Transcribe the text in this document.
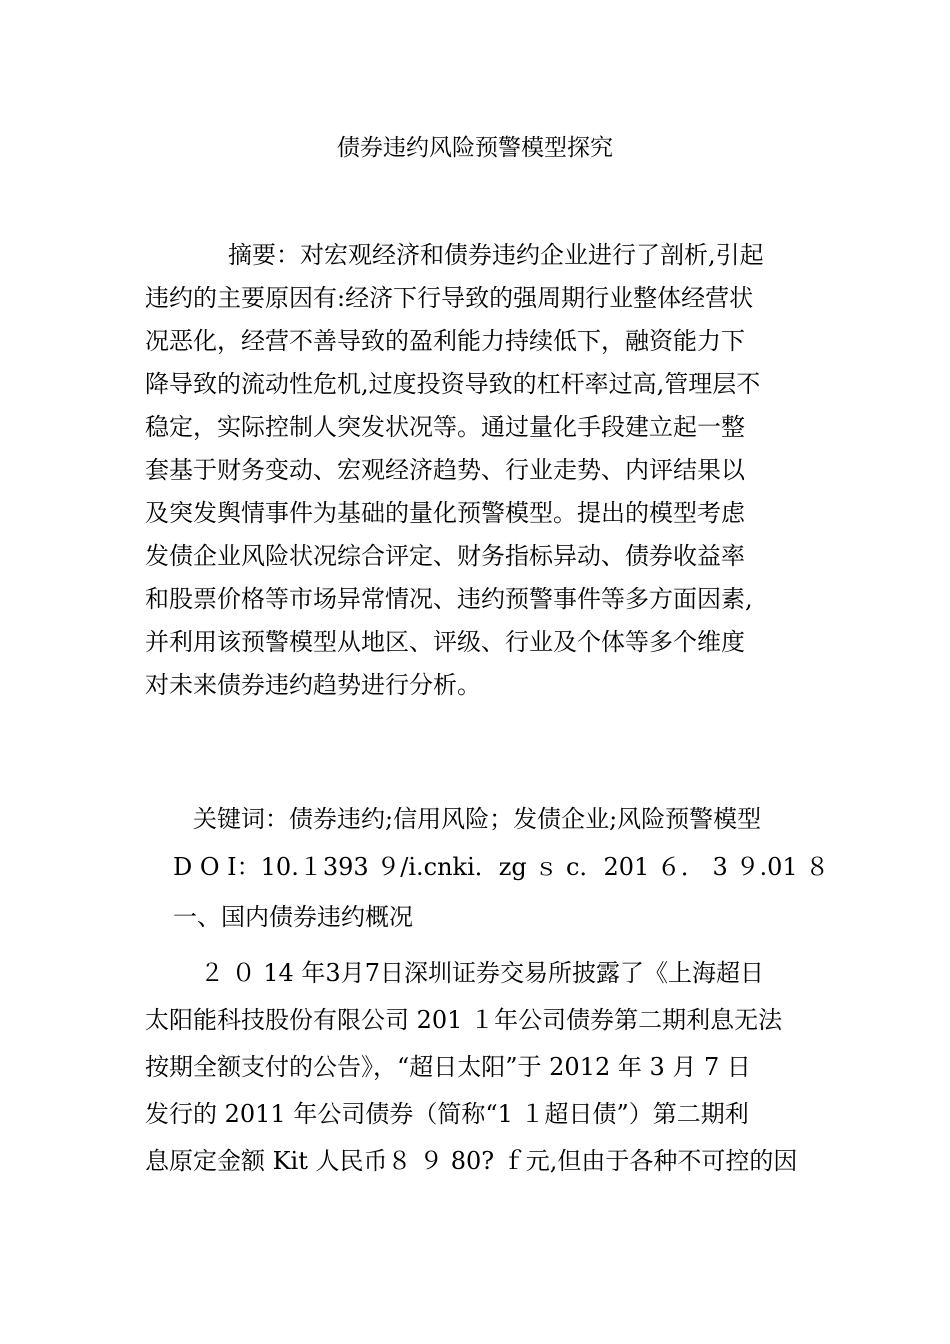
债券违约风险预警模型探究
摘要：对宏观经济和债券违约企业进行了剖析,引起
违约的主要原因有:经济下行导致的强周期行业整体经营状
况恶化，经营不善导致的盈利能力持续低下，融资能力下
降导致的流动性危机,过度投资导致的杠杆率过高,管理层不
稳定，实际控制人突发状况等。通过量化手段建立起一整
套基于财务变动、宏观经济趋势、行业走势、内评结果以
及突发舆情事件为基础的量化预警模型。提出的模型考虑
发债企业风险状况综合评定、财务指标异动、债券收益率
和股票价格等市场异常情况、违约预警事件等多方面因素,
并利用该预警模型从地区、评级、行业及个体等多个维度
对未来债券违约趋势进行分析。
关键词：债券违约;信用风险；发债企业;风险预警模型
D O I：10.１393 ９/i.cnki．zg ｓ c．201 ６． 3 ９.01 ８
一、国内债券违约概况
２ ０ 14 年3月7日深圳证券交易所披露了《上海超日
太阳能科技股份有限公司 201 １年公司债券第二期利息无法
按期全额支付的公告》，“超日太阳”于 2012 年 3 月 7 日
发行的 2011 年公司债券（简称“1 １超日债”）第二期利
息原定金额 Kit 人民币８ ９ 80? ｆ元,但由于各种不可控的因
